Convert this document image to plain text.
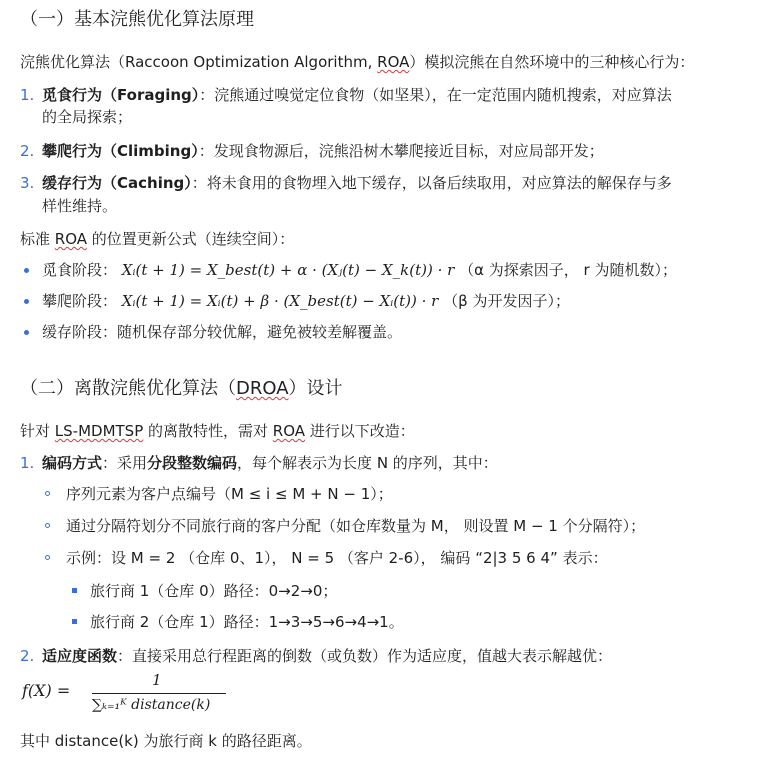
（一）基本浣熊优化算法原理
浣熊优化算法（Raccoon Optimization Algorithm, ROA）模拟浣熊在自然环境中的三种核心行为：
1. 觅食行为（Foraging）：浣熊通过嗅觉定位食物（如坚果），在一定范围内随机搜索，对应算法
的全局探索；
2. 攀爬行为（Climbing）：发现食物源后，浣熊沿树木攀爬接近目标，对应局部开发；
3. 缓存行为（Caching）：将未食用的食物埋入地下缓存，以备后续取用，对应算法的解保存与多
样性维持。
标准 ROA 的位置更新公式（连续空间）：
觅食阶段： Xᵢ(t + 1) = X_best(t) + α · (Xⱼ(t) − X_k(t)) · r （α 为探索因子， r 为随机数）；
攀爬阶段： Xᵢ(t + 1) = Xᵢ(t) + β · (X_best(t) − Xᵢ(t)) · r （β 为开发因子）；
缓存阶段：随机保存部分较优解，避免被较差解覆盖。
（二）离散浣熊优化算法（DROA）设计
针对 LS-MDMTSP 的离散特性，需对 ROA 进行以下改造：
1. 编码方式：采用分段整数编码，每个解表示为长度 N 的序列，其中：
序列元素为客户点编号（M ≤ i ≤ M + N − 1）；
通过分隔符划分不同旅行商的客户分配（如仓库数量为 M， 则设置 M − 1 个分隔符）；
示例：设 M = 2 （仓库 0、1）， N = 5 （客户 2-6）， 编码 “2|3 5 6 4” 表示：
旅行商 1（仓库 0）路径：0→2→0；
旅行商 2（仓库 1）路径：1→3→5→6→4→1。
2. 适应度函数：直接采用总行程距离的倒数（或负数）作为适应度，值越大表示解越优：
f(X) =
1
∑ₖ₌₁ᴷ distance(k)
其中 distance(k) 为旅行商 k 的路径距离。
